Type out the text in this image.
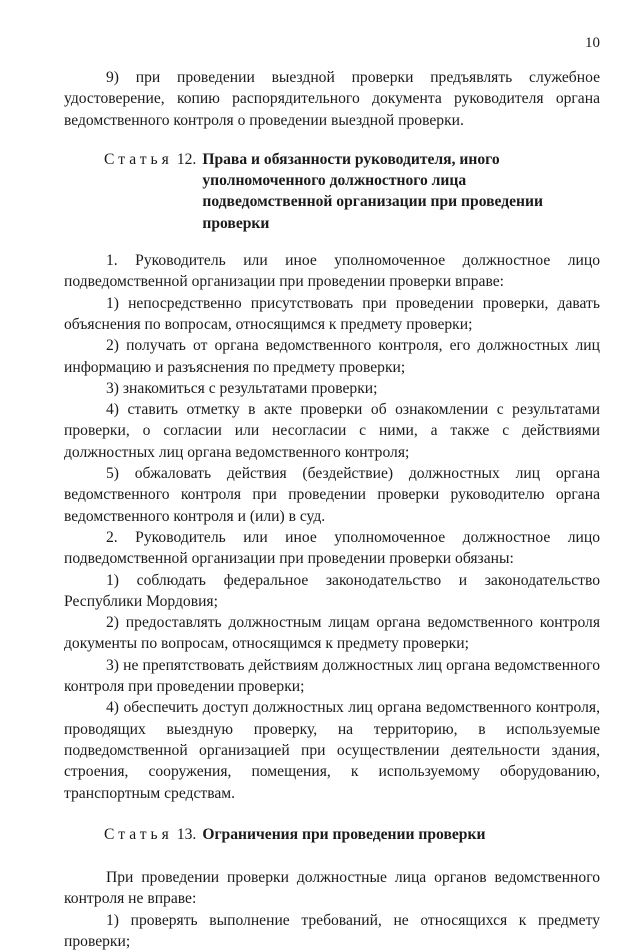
10

9) при проведении выездной проверки предъявлять служебное удостоверение, копию распорядительного документа руководителя органа ведомственного контроля о проведении выездной проверки.

Статья 12. Права и обязанности руководителя, иного уполномоченного должностного лица подведомственной организации при проведении проверки

1. Руководитель или иное уполномоченное должностное лицо подведомственной организации при проведении проверки вправе:

1) непосредственно присутствовать при проведении проверки, давать объяснения по вопросам, относящимся к предмету проверки;

2) получать от органа ведомственного контроля, его должностных лиц информацию и разъяснения по предмету проверки;

3) знакомиться с результатами проверки;

4) ставить отметку в акте проверки об ознакомлении с результатами проверки, о согласии или несогласии с ними, а также с действиями должностных лиц органа ведомственного контроля;

5) обжаловать действия (бездействие) должностных лиц органа ведомственного контроля при проведении проверки руководителю органа ведомственного контроля и (или) в суд.

2. Руководитель или иное уполномоченное должностное лицо подведомственной организации при проведении проверки обязаны:

1) соблюдать федеральное законодательство и законодательство Республики Мордовия;

2) предоставлять должностным лицам органа ведомственного контроля документы по вопросам, относящимся к предмету проверки;

3) не препятствовать действиям должностных лиц органа ведомственного контроля при проведении проверки;

4) обеспечить доступ должностных лиц органа ведомственного контроля, проводящих выездную проверку, на территорию, в используемые подведомственной организацией при осуществлении деятельности здания, строения, сооружения, помещения, к используемому оборудованию, транспортным средствам.

Статья 13. Ограничения при проведении проверки

При проведении проверки должностные лица органов ведомственного контроля не вправе:

1) проверять выполнение требований, не относящихся к предмету проверки;
